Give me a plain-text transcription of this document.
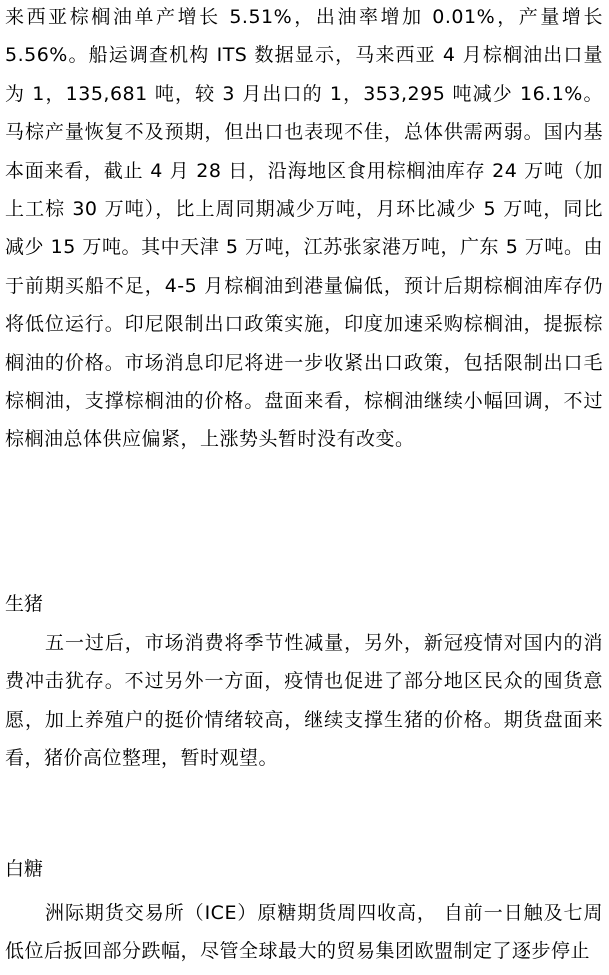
来西亚棕榈油单产增长 5.51%，出油率增加 0.01%，产量增长 5.56%。船运调查机构 ITS 数据显示，马来西亚 4 月棕榈油出口量为 1，135,681 吨，较 3 月出口的 1，353,295 吨减少 16.1%。马棕产量恢复不及预期，但出口也表现不佳，总体供需两弱。国内基本面来看，截止 4 月 28 日，沿海地区食用棕榈油库存 24 万吨（加上工棕 30 万吨），比上周同期减少万吨，月环比减少 5 万吨，同比减少 15 万吨。其中天津 5 万吨，江苏张家港万吨，广东 5 万吨。由于前期买船不足，4-5 月棕榈油到港量偏低，预计后期棕榈油库存仍将低位运行。印尼限制出口政策实施，印度加速采购棕榈油，提振棕榈油的价格。市场消息印尼将进一步收紧出口政策，包括限制出口毛棕榈油，支撑棕榈油的价格。盘面来看，棕榈油继续小幅回调，不过棕榈油总体供应偏紧，上涨势头暂时没有改变。

生猪

五一过后，市场消费将季节性减量，另外，新冠疫情对国内的消费冲击犹存。不过另外一方面，疫情也促进了部分地区民众的囤货意愿，加上养殖户的挺价情绪较高，继续支撑生猪的价格。期货盘面来看，猪价高位整理，暂时观望。

白糖

洲际期货交易所（ICE）原糖期货周四收高， 自前一日触及七周低位后扳回部分跌幅，尽管全球最大的贸易集团欧盟制定了逐步停止
